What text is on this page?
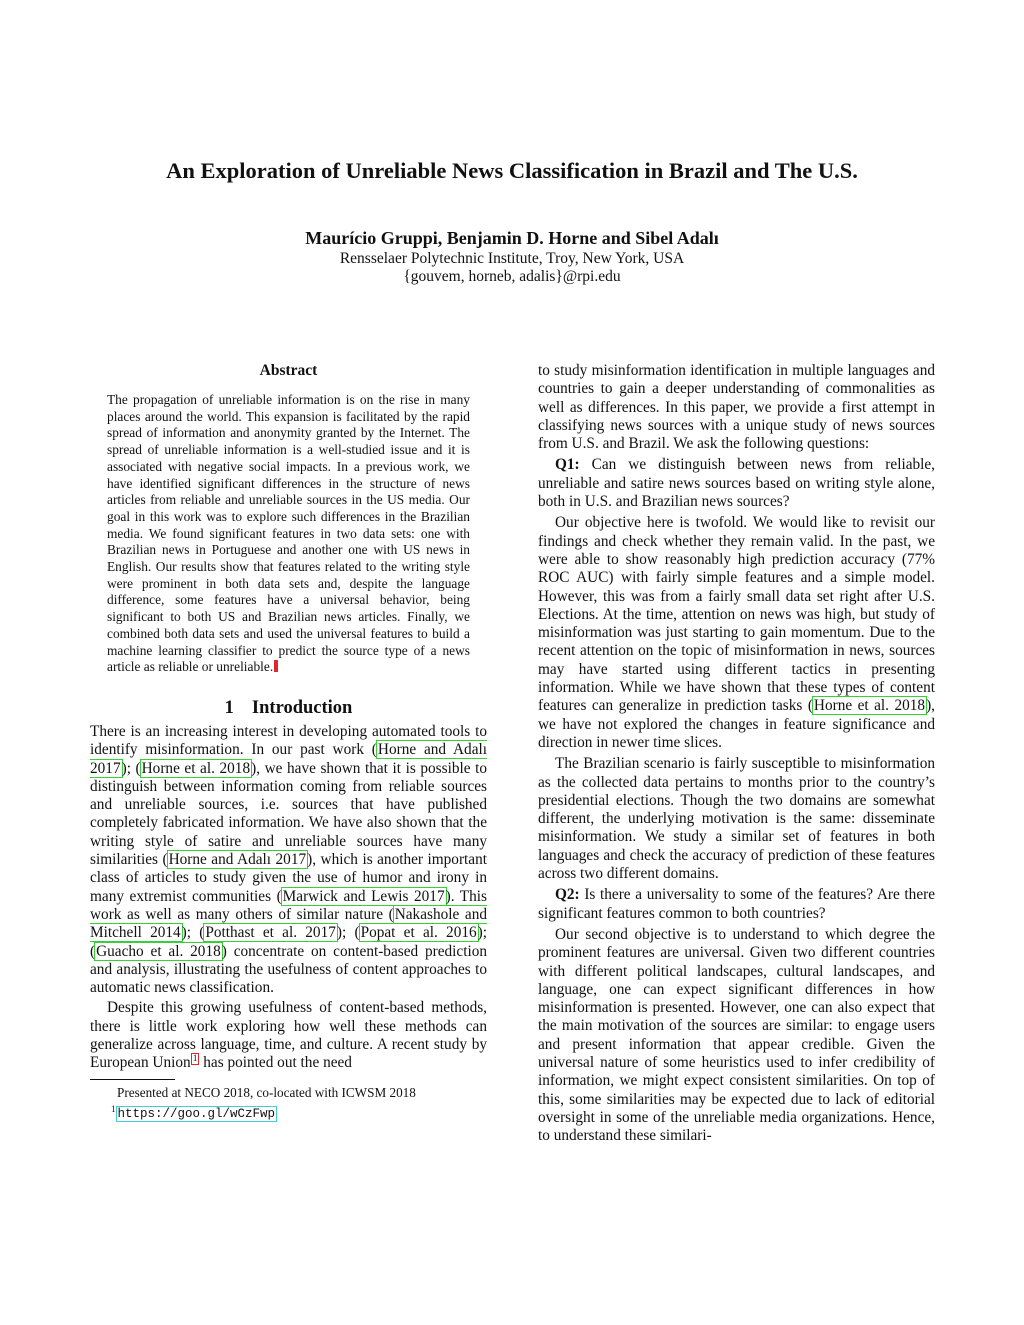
An Exploration of Unreliable News Classification in Brazil and The U.S.
Maurício Gruppi, Benjamin D. Horne and Sibel Adalı
Rensselaer Polytechnic Institute, Troy, New York, USA
{gouvem, horneb, adalis}@rpi.edu
Abstract
The propagation of unreliable information is on the rise in many places around the world. This expansion is facilitated by the rapid spread of information and anonymity granted by the Internet. The spread of unreliable information is a well-studied issue and it is associated with negative social impacts. In a previous work, we have identified significant differences in the structure of news articles from reliable and unreliable sources in the US media. Our goal in this work was to explore such differences in the Brazilian media. We found significant features in two data sets: one with Brazilian news in Portuguese and another one with US news in English. Our results show that features related to the writing style were prominent in both data sets and, despite the language difference, some features have a universal behavior, being significant to both US and Brazilian news articles. Finally, we combined both data sets and used the universal features to build a machine learning classifier to predict the source type of a news article as reliable or unreliable.
1 Introduction

There is an increasing interest in developing automated tools to identify misinformation. In our past work (Horne and Adalı 2017); (Horne et al. 2018), we have shown that it is possible to distinguish between information coming from reliable sources and unreliable sources, i.e. sources that have published completely fabricated information. We have also shown that the writing style of satire and unreliable sources have many similarities (Horne and Adalı 2017), which is another important class of articles to study given the use of humor and irony in many extremist communities (Marwick and Lewis 2017). This work as well as many others of similar nature (Nakashole and Mitchell 2014); (Potthast et al. 2017); (Popat et al. 2016); (Guacho et al. 2018) concentrate on content-based prediction and analysis, illustrating the usefulness of content approaches to automatic news classification.

Despite this growing usefulness of content-based methods, there is little work exploring how well these methods can generalize across language, time, and culture. A recent study by European Union $^1$ has pointed out the need

Presented at NECO 2018, co-located with ICWSM 2018
$^1$ https://goo.gl/wCzFwp

to study misinformation identification in multiple languages and countries to gain a deeper understanding of commonalities as well as differences. In this paper, we provide a first attempt in classifying news sources with a unique study of news sources from U.S. and Brazil. We ask the following questions:

Q1: Can we distinguish between news from reliable, unreliable and satire news sources based on writing style alone, both in U.S. and Brazilian news sources?

Our objective here is twofold. We would like to revisit our findings and check whether they remain valid. In the past, we were able to show reasonably high prediction accuracy (77% ROC AUC) with fairly simple features and a simple model. However, this was from a fairly small data set right after U.S. Elections. At the time, attention on news was high, but study of misinformation was just starting to gain momentum. Due to the recent attention on the topic of misinformation in news, sources may have started using different tactics in presenting information. While we have shown that these types of content features can generalize in prediction tasks (Horne et al. 2018), we have not explored the changes in feature significance and direction in newer time slices.

The Brazilian scenario is fairly susceptible to misinformation as the collected data pertains to months prior to the country’s presidential elections. Though the two domains are somewhat different, the underlying motivation is the same: disseminate misinformation. We study a similar set of features in both languages and check the accuracy of prediction of these features across two different domains.

Q2: Is there a universality to some of the features? Are there significant features common to both countries?

Our second objective is to understand to which degree the prominent features are universal. Given two different countries with different political landscapes, cultural landscapes, and language, one can expect significant differences in how misinformation is presented. However, one can also expect that the main motivation of the sources are similar: to engage users and present information that appear credible. Given the universal nature of some heuristics used to infer credibility of information, we might expect consistent similarities. On top of this, some similarities may be expected due to lack of editorial oversight in some of the unreliable media organizations. Hence, to understand these similari-
